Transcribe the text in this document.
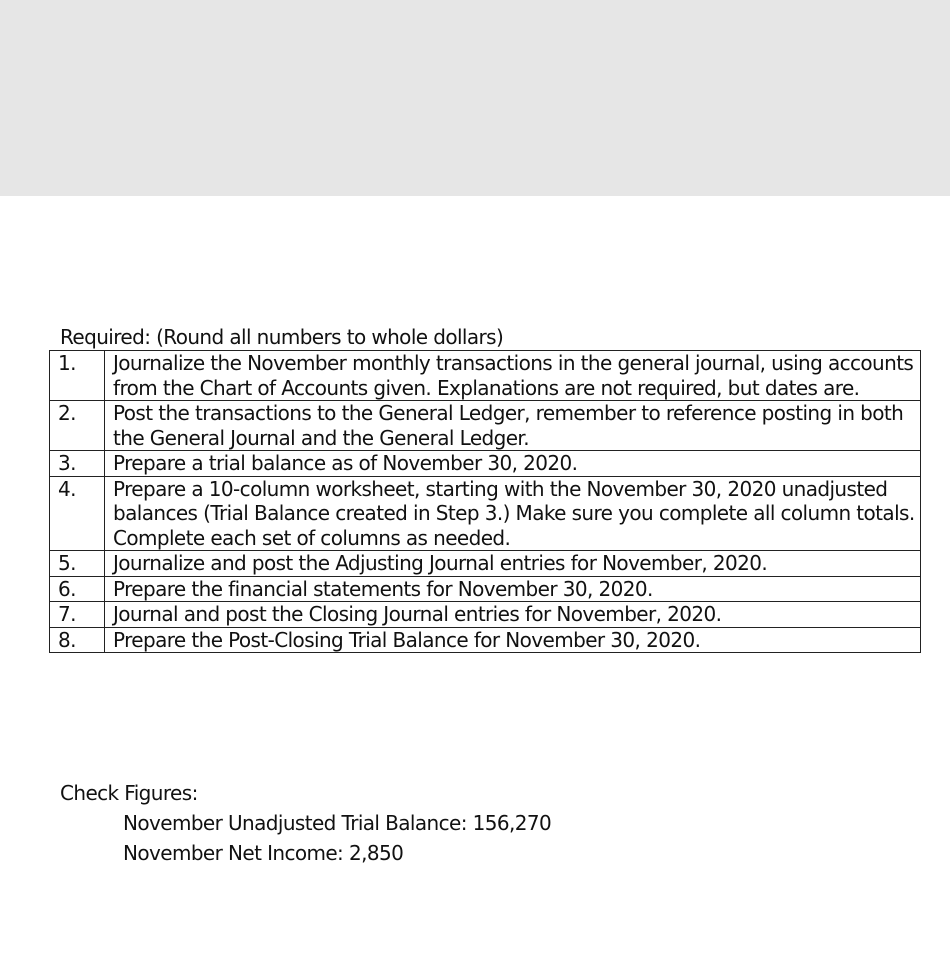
Required: (Round all numbers to whole dollars)
1.	Journalize the November monthly transactions in the general journal, using accounts from the Chart of Accounts given. Explanations are not required, but dates are.
2.	Post the transactions to the General Ledger, remember to reference posting in both the General Journal and the General Ledger.
3.	Prepare a trial balance as of November 30, 2020.
4.	Prepare a 10-column worksheet, starting with the November 30, 2020 unadjusted balances (Trial Balance created in Step 3.) Make sure you complete all column totals. Complete each set of columns as needed.
5.	Journalize and post the Adjusting Journal entries for November, 2020.
6.	Prepare the financial statements for November 30, 2020.
7.	Journal and post the Closing Journal entries for November, 2020.
8.	Prepare the Post-Closing Trial Balance for November 30, 2020.
Check Figures:
November Unadjusted Trial Balance: 156,270
November Net Income: 2,850
